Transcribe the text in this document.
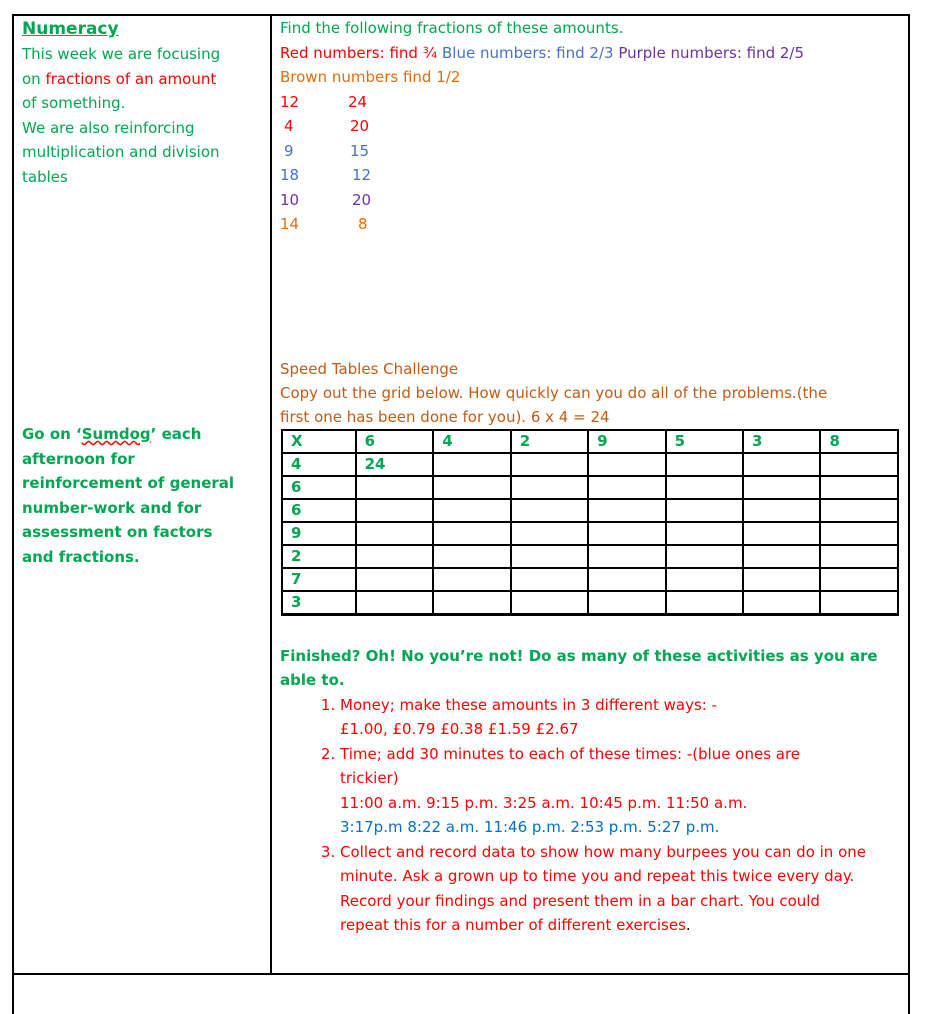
Numeracy
This week we are focusing
on fractions of an amount
of something.
We are also reinforcing
multiplication and division
tables
Go on ‘Sumdog’ each
afternoon for
reinforcement of general
number-work and for
assessment on factors
and fractions.
Find the following fractions of these amounts.
Red numbers: find ¾ Blue numbers: find 2/3 Purple numbers: find 2/5
Brown numbers find 1/2
12	24
4	20
9	15
18	12
10	20
14	8
Speed Tables Challenge
Copy out the grid below. How quickly can you do all of the problems.(the
first one has been done for you). 6 x 4 = 24
X	6	4	2	9	5	3	8
4	24						
6							
6							
9							
2							
7							
3							
Finished? Oh! No you’re not! Do as many of these activities as you are
able to.
1. Money; make these amounts in 3 different ways: -
£1.00, £0.79 £0.38 £1.59 £2.67
2. Time; add 30 minutes to each of these times: -(blue ones are
trickier)
11:00 a.m. 9:15 p.m. 3:25 a.m. 10:45 p.m. 11:50 a.m.
3:17p.m 8:22 a.m. 11:46 p.m. 2:53 p.m. 5:27 p.m.
3. Collect and record data to show how many burpees you can do in one
minute. Ask a grown up to time you and repeat this twice every day.
Record your findings and present them in a bar chart. You could
repeat this for a number of different exercises.
